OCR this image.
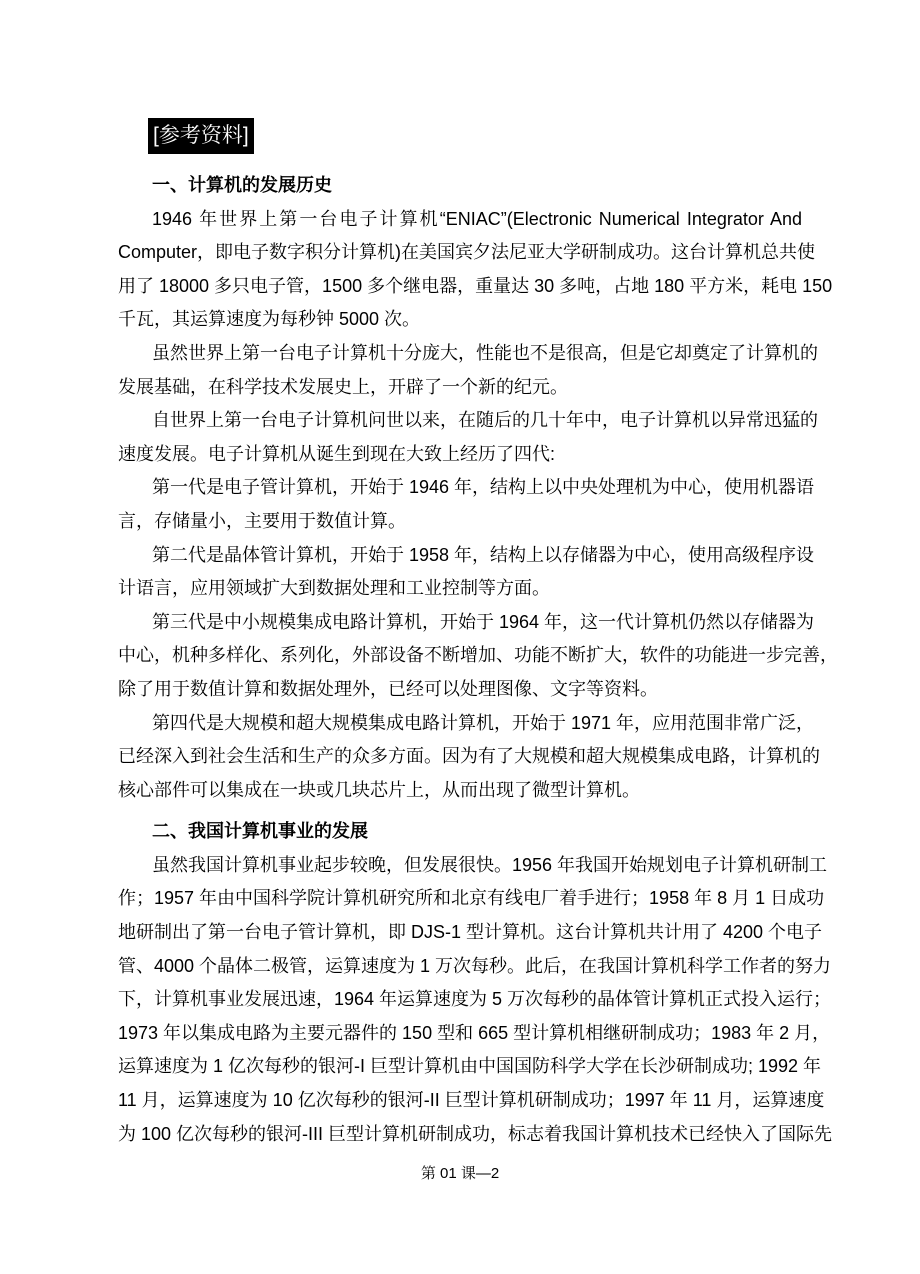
[参考资料]
一、计算机的发展历史
1946 年世界上第一台电子计算机“ENIAC”(Electronic Numerical Integrator And
Computer，即电子数字积分计算机)在美国宾夕法尼亚大学研制成功。这台计算机总共使
用了 18000 多只电子管，1500 多个继电器，重量达 30 多吨，占地 180 平方米，耗电 150
千瓦，其运算速度为每秒钟 5000 次。
虽然世界上第一台电子计算机十分庞大，性能也不是很高，但是它却奠定了计算机的
发展基础，在科学技术发展史上，开辟了一个新的纪元。
自世界上第一台电子计算机问世以来，在随后的几十年中，电子计算机以异常迅猛的
速度发展。电子计算机从诞生到现在大致上经历了四代:
第一代是电子管计算机，开始于 1946 年，结构上以中央处理机为中心，使用机器语
言，存储量小，主要用于数值计算。
第二代是晶体管计算机，开始于 1958 年，结构上以存储器为中心，使用高级程序设
计语言，应用领域扩大到数据处理和工业控制等方面。
第三代是中小规模集成电路计算机，开始于 1964 年，这一代计算机仍然以存储器为
中心，机种多样化、系列化，外部设备不断增加、功能不断扩大，软件的功能进一步完善，
除了用于数值计算和数据处理外，已经可以处理图像、文字等资料。
第四代是大规模和超大规模集成电路计算机，开始于 1971 年，应用范围非常广泛，
已经深入到社会生活和生产的众多方面。因为有了大规模和超大规模集成电路，计算机的
核心部件可以集成在一块或几块芯片上，从而出现了微型计算机。
二、我国计算机事业的发展
虽然我国计算机事业起步较晚，但发展很快。1956 年我国开始规划电子计算机研制工
作；1957 年由中国科学院计算机研究所和北京有线电厂着手进行；1958 年 8 月 1 日成功
地研制出了第一台电子管计算机，即 DJS-1 型计算机。这台计算机共计用了 4200 个电子
管、4000 个晶体二极管，运算速度为 1 万次每秒。此后，在我国计算机科学工作者的努力
下，计算机事业发展迅速，1964 年运算速度为 5 万次每秒的晶体管计算机正式投入运行；
1973 年以集成电路为主要元器件的 150 型和 665 型计算机相继研制成功；1983 年 2 月，
运算速度为 1 亿次每秒的银河-I 巨型计算机由中国国防科学大学在长沙研制成功; 1992 年
11 月，运算速度为 10 亿次每秒的银河-II 巨型计算机研制成功；1997 年 11 月，运算速度
为 100 亿次每秒的银河-III 巨型计算机研制成功，标志着我国计算机技术已经快入了国际先
第 01 课—2
